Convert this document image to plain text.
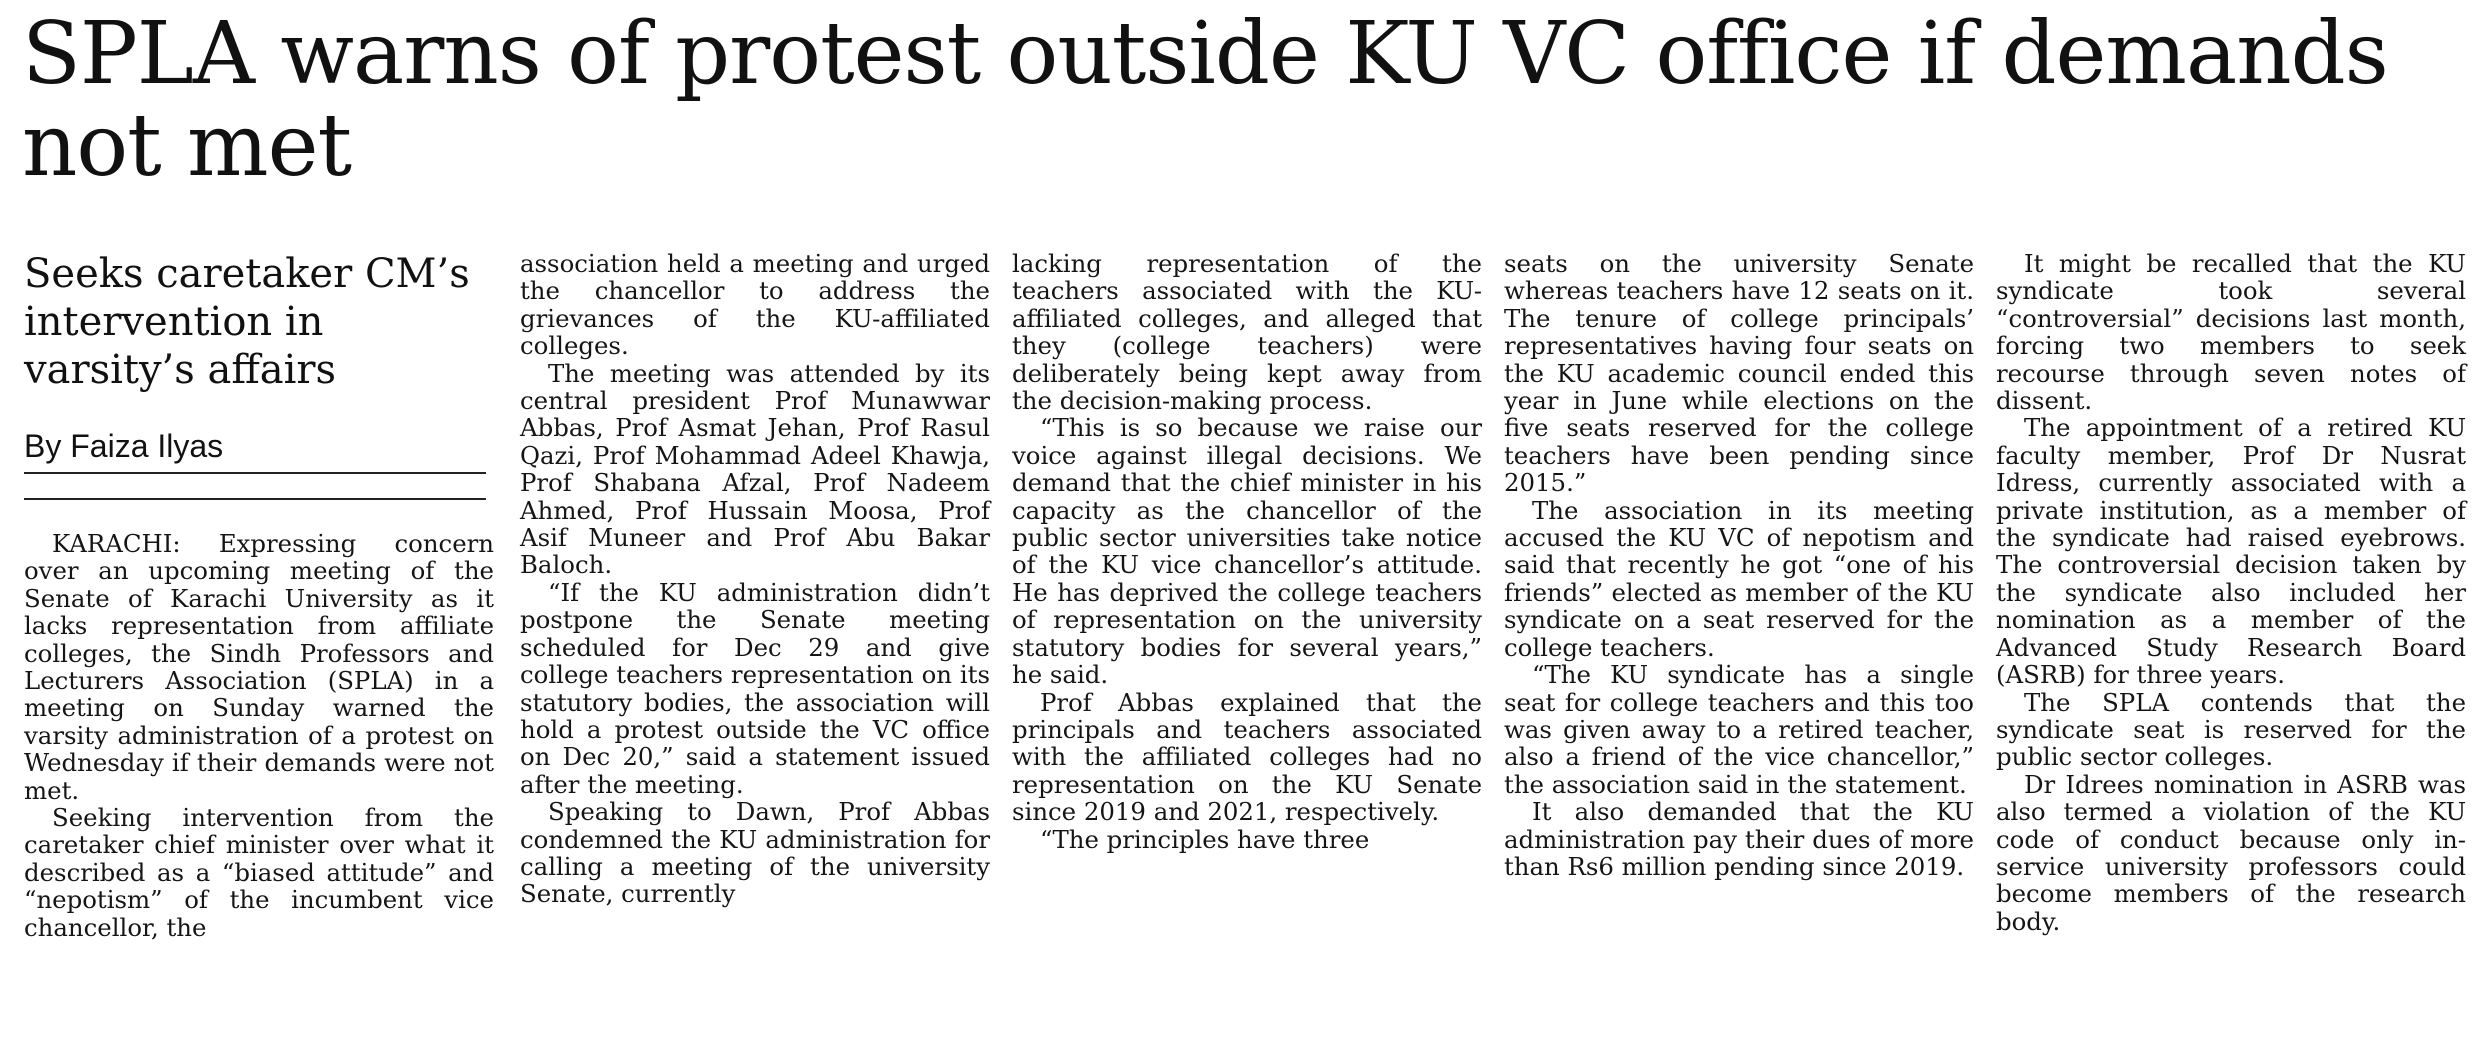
SPLA warns of protest outside KU VC office if demands not met
Seeks caretaker CM’s intervention in varsity’s affairs
By Faiza Ilyas

KARACHI: Expressing concern over an upcoming meeting of the Senate of Karachi University as it lacks representation from affiliate colleges, the Sindh Professors and Lecturers Association (SPLA) in a meeting on Sunday warned the varsity administration of a protest on Wednesday if their demands were not met.

Seeking intervention from the caretaker chief minister over what it described as a “biased attitude” and “nepotism” of the incumbent vice chancellor, the

association held a meeting and urged the chancellor to address the grievances of the KU-affiliated colleges.

The meeting was attended by its central president Prof Munawwar Abbas, Prof Asmat Jehan, Prof Rasul Qazi, Prof Mohammad Adeel Khawja, Prof Shabana Afzal, Prof Nadeem Ahmed, Prof Hussain Moosa, Prof Asif Muneer and Prof Abu Bakar Baloch.

“If the KU administration didn’t postpone the Senate meeting scheduled for Dec 29 and give college teachers representation on its statutory bodies, the association will hold a protest outside the VC office on Dec 20,” said a statement issued after the meeting.

Speaking to Dawn, Prof Abbas condemned the KU administration for calling a meeting of the university Senate, currently

lacking representation of the teachers associated with the KU-affiliated colleges, and alleged that they (college teachers) were deliberately being kept away from the decision-making process.

“This is so because we raise our voice against illegal decisions. We demand that the chief minister in his capacity as the chancellor of the public sector universities take notice of the KU vice chancellor’s attitude. He has deprived the college teachers of representation on the university statutory bodies for several years,” he said.

Prof Abbas explained that the principals and teachers associated with the affiliated colleges had no representation on the KU Senate since 2019 and 2021, respectively.

“The principles have three

seats on the university Senate whereas teachers have 12 seats on it. The tenure of college principals’ representatives having four seats on the KU academic council ended this year in June while elections on the five seats reserved for the college teachers have been pending since 2015.”

The association in its meeting accused the KU VC of nepotism and said that recently he got “one of his friends” elected as member of the KU syndicate on a seat reserved for the college teachers.

“The KU syndicate has a single seat for college teachers and this too was given away to a retired teacher, also a friend of the vice chancellor,” the association said in the statement.

It also demanded that the KU administration pay their dues of more than Rs6 million pending since 2019.

It might be recalled that the KU syndicate took several “controversial” decisions last month, forcing two members to seek recourse through seven notes of dissent.

The appointment of a retired KU faculty member, Prof Dr Nusrat Idress, currently associated with a private institution, as a member of the syndicate had raised eyebrows. The controversial decision taken by the syndicate also included her nomination as a member of the Advanced Study Research Board (ASRB) for three years.

The SPLA contends that the syndicate seat is reserved for the public sector colleges.

Dr Idrees nomination in ASRB was also termed a violation of the KU code of conduct because only in-service university professors could become members of the research body.
